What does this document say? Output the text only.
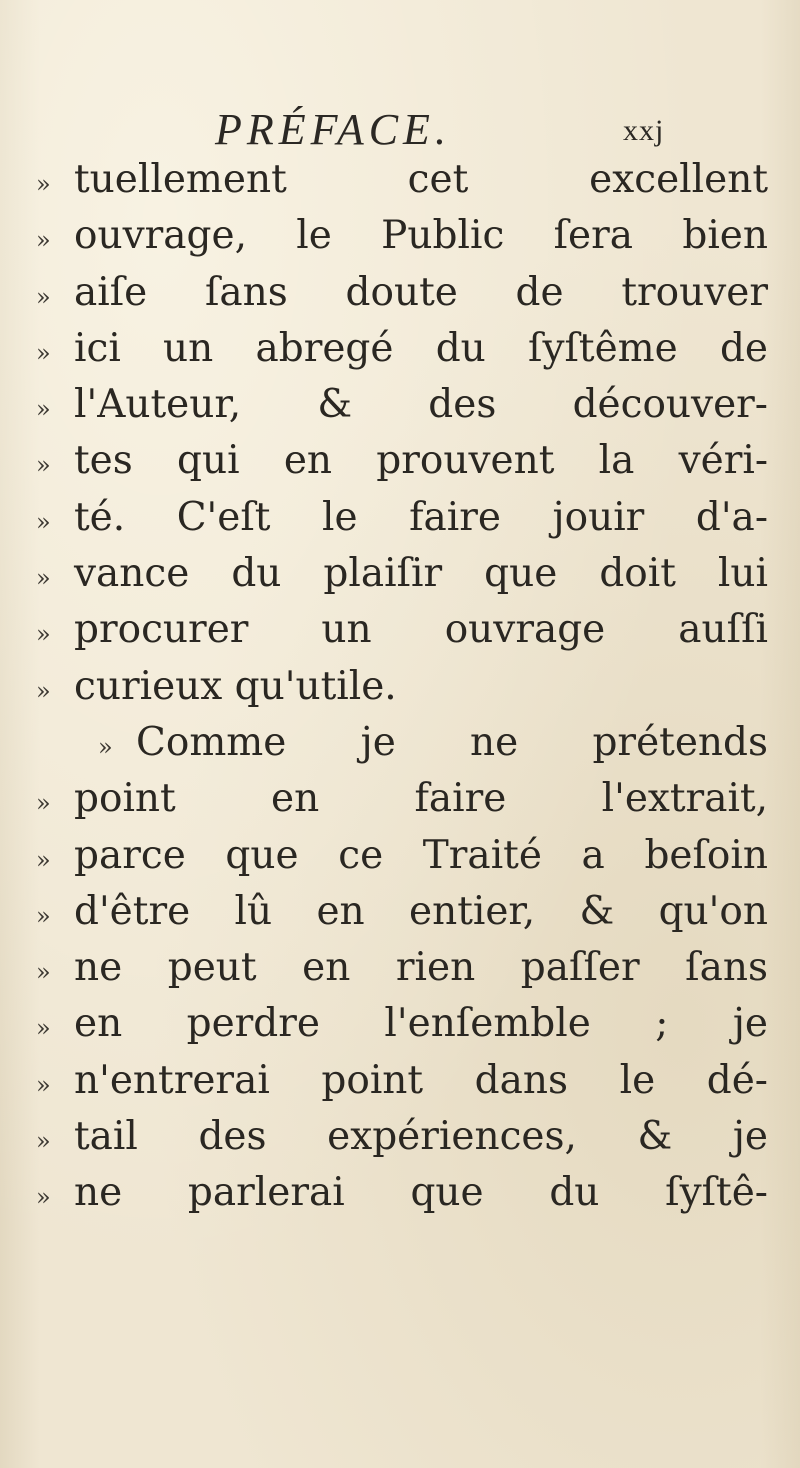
PRÉFACE.	xxj
» tuellement cet excellent
» ouvrage, le Public ſera bien
» aiſe ſans doute de trouver
» ici un abregé du ſyſtême de
» l'Auteur, & des découver-
» tes qui en prouvent la véri-
» té. C'eſt le faire jouir d'a-
» vance du plaiſir que doit lui
» procurer un ouvrage auſſi
» curieux qu'utile.
» Comme je ne prétends
» point en faire l'extrait,
» parce que ce Traité a beſoin
» d'être lû en entier, & qu'on
» ne peut en rien paſſer ſans
» en perdre l'enſemble ; je
» n'entrerai point dans le dé-
» tail des expériences, & je
» ne parlerai que du ſyſtê-
